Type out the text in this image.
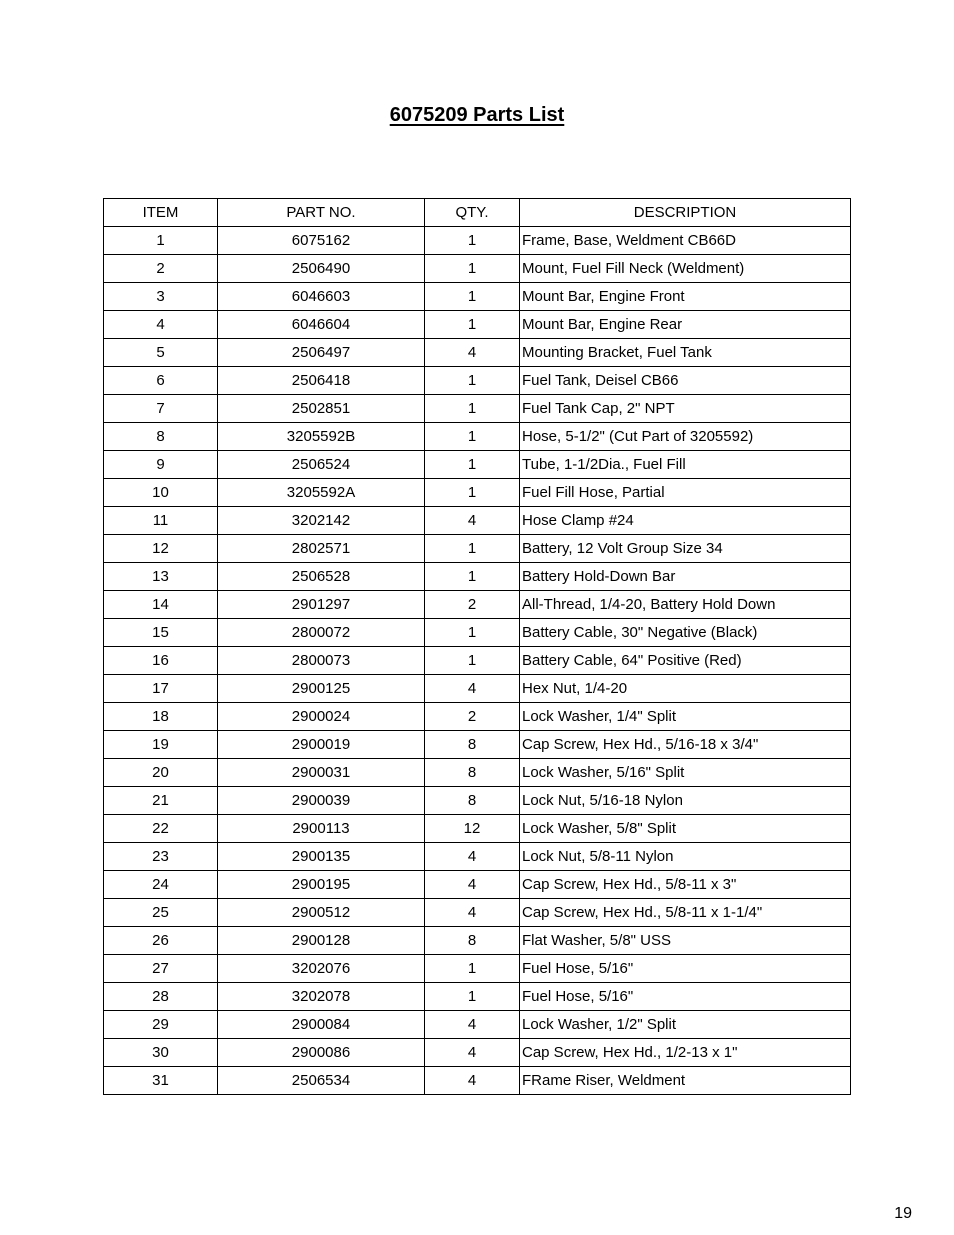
6075209 Parts List
ITEM	PART NO.	QTY.	DESCRIPTION
1	6075162	1	Frame, Base, Weldment CB66D
2	2506490	1	Mount, Fuel Fill Neck (Weldment)
3	6046603	1	Mount Bar, Engine Front
4	6046604	1	Mount Bar, Engine Rear
5	2506497	4	Mounting Bracket, Fuel Tank
6	2506418	1	Fuel Tank, Deisel CB66
7	2502851	1	Fuel Tank Cap, 2" NPT
8	3205592B	1	Hose, 5-1/2" (Cut Part of 3205592)
9	2506524	1	Tube, 1-1/2Dia., Fuel Fill
10	3205592A	1	Fuel Fill Hose, Partial
11	3202142	4	Hose Clamp #24
12	2802571	1	Battery, 12 Volt Group Size 34
13	2506528	1	Battery Hold-Down Bar
14	2901297	2	All-Thread, 1/4-20, Battery Hold Down
15	2800072	1	Battery Cable, 30" Negative (Black)
16	2800073	1	Battery Cable, 64" Positive (Red)
17	2900125	4	Hex Nut, 1/4-20
18	2900024	2	Lock Washer, 1/4" Split
19	2900019	8	Cap Screw, Hex Hd., 5/16-18 x 3/4"
20	2900031	8	Lock Washer, 5/16" Split
21	2900039	8	Lock Nut, 5/16-18 Nylon
22	2900113	12	Lock Washer, 5/8" Split
23	2900135	4	Lock Nut, 5/8-11 Nylon
24	2900195	4	Cap Screw, Hex Hd., 5/8-11 x 3"
25	2900512	4	Cap Screw, Hex Hd., 5/8-11 x 1-1/4"
26	2900128	8	Flat Washer, 5/8" USS
27	3202076	1	Fuel Hose, 5/16"
28	3202078	1	Fuel Hose, 5/16"
29	2900084	4	Lock Washer, 1/2" Split
30	2900086	4	Cap Screw, Hex Hd., 1/2-13 x 1"
31	2506534	4	FRame Riser, Weldment
19
